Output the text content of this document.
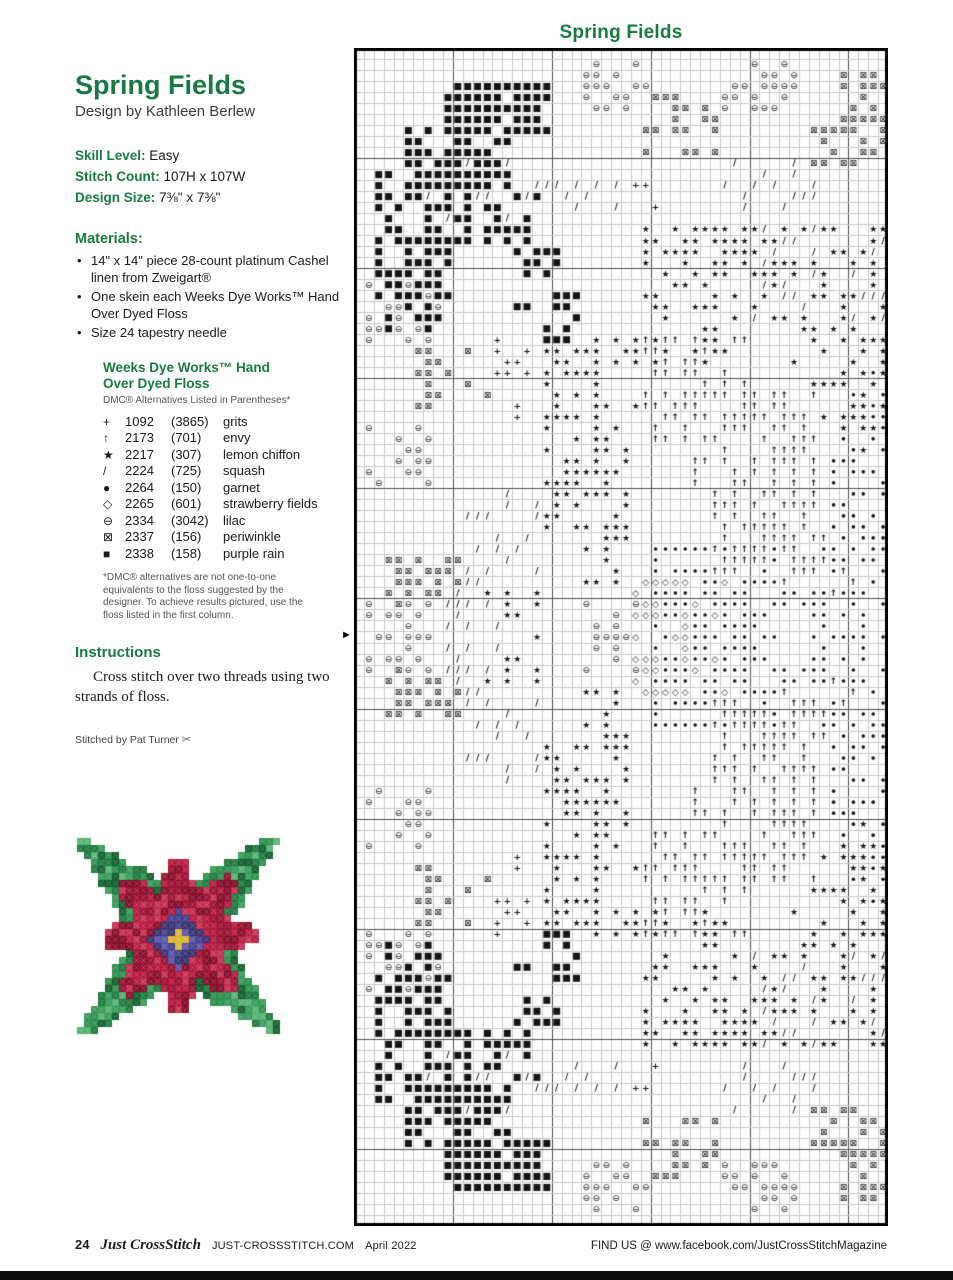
Spring Fields
►
Spring Fields
Design by Kathleen Berlew
Skill Level: Easy
Stitch Count: 107H x 107W
Design Size: 7⅜" x 7⅜"
Materials:
• 14" x 14" piece 28-count platinum Cashel linen from Zweigart®
• One skein each Weeks Dye Works™ Hand Over Dyed Floss
• Size 24 tapestry needle
Weeks Dye Works™ Hand
Over Dyed Floss
DMC® Alternatives Listed in Parentheses*
+	1092	(3865)	grits
↑	2173	(701)	envy
★ 2217	(307)	lemon chiffon
/	2224	(725)	squash
●	2264	(150)	garnet
◇ 2265	(601)	strawberry fields
⊖ 2334	(3042)	lilac
⊠ 2337	(156)	periwinkle
■	2338	(158)	purple rain
*DMC® alternatives are not one-to-one equivalents to the floss suggested by the designer. To achieve results pictured, use the floss listed in the first column.
Instructions
Cross stitch over two threads using two strands of floss.
Stitched by Pat Turner ✂
24 Just CrossStitch JUST-CROSSSTITCH.COM April 2022	FIND US @ www.facebook.com/JustCrossStitchMagazine
